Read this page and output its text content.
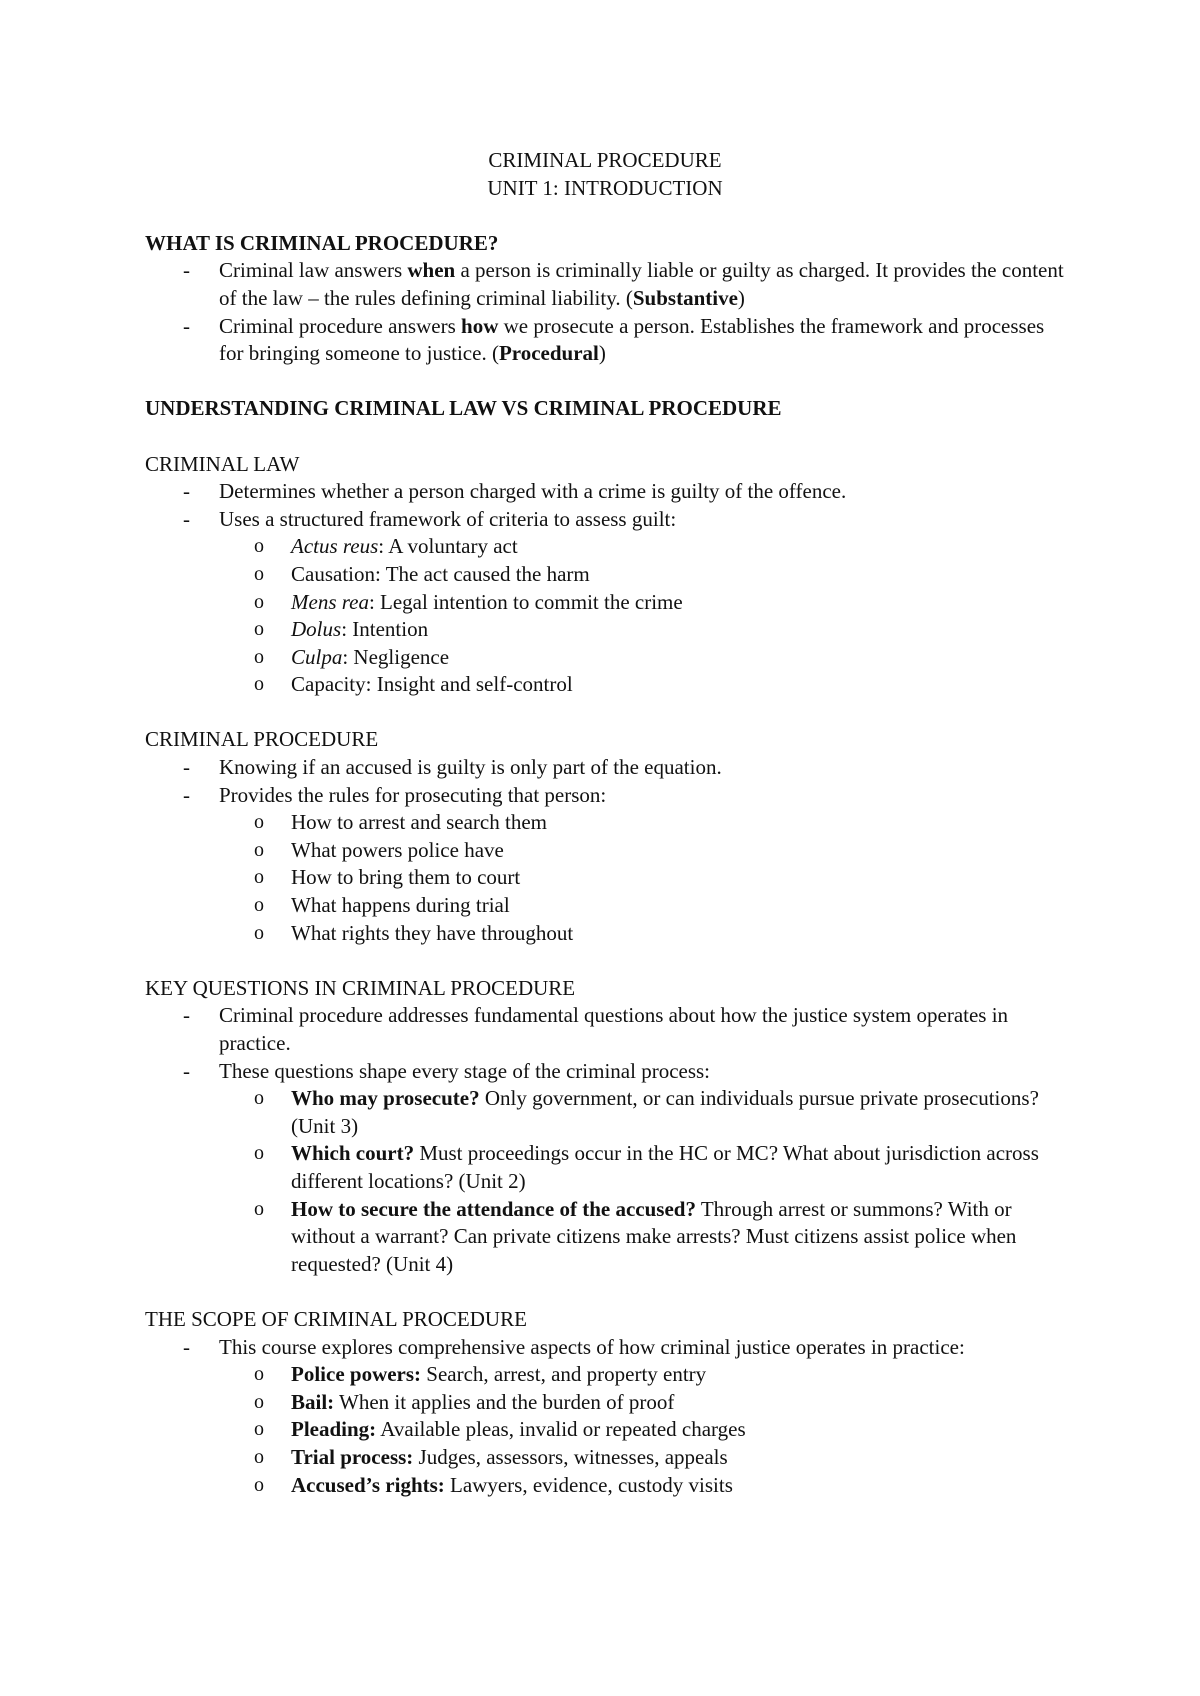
CRIMINAL PROCEDURE

UNIT 1: INTRODUCTION

WHAT IS CRIMINAL PROCEDURE?

- Criminal law answers when a person is criminally liable or guilty as charged. It provides the content of the law – the rules defining criminal liability. (Substantive)
- Criminal procedure answers how we prosecute a person. Establishes the framework and processes for bringing someone to justice. (Procedural)

UNDERSTANDING CRIMINAL LAW VS CRIMINAL PROCEDURE

CRIMINAL LAW

- Determines whether a person charged with a crime is guilty of the offence.
- Uses a structured framework of criteria to assess guilt:
o Actus reus: A voluntary act
o Causation: The act caused the harm
o Mens rea: Legal intention to commit the crime
o Dolus: Intention
o Culpa: Negligence
o Capacity: Insight and self-control

CRIMINAL PROCEDURE

- Knowing if an accused is guilty is only part of the equation.
- Provides the rules for prosecuting that person:
o How to arrest and search them
o What powers police have
o How to bring them to court
o What happens during trial
o What rights they have throughout

KEY QUESTIONS IN CRIMINAL PROCEDURE

- Criminal procedure addresses fundamental questions about how the justice system operates in practice.
- These questions shape every stage of the criminal process:
o Who may prosecute? Only government, or can individuals pursue private prosecutions? (Unit 3)
o Which court? Must proceedings occur in the HC or MC? What about jurisdiction across different locations? (Unit 2)
o How to secure the attendance of the accused? Through arrest or summons? With or without a warrant? Can private citizens make arrests? Must citizens assist police when requested? (Unit 4)

THE SCOPE OF CRIMINAL PROCEDURE

- This course explores comprehensive aspects of how criminal justice operates in practice:
o Police powers: Search, arrest, and property entry
o Bail: When it applies and the burden of proof
o Pleading: Available pleas, invalid or repeated charges
o Trial process: Judges, assessors, witnesses, appeals
o Accused’s rights: Lawyers, evidence, custody visits
